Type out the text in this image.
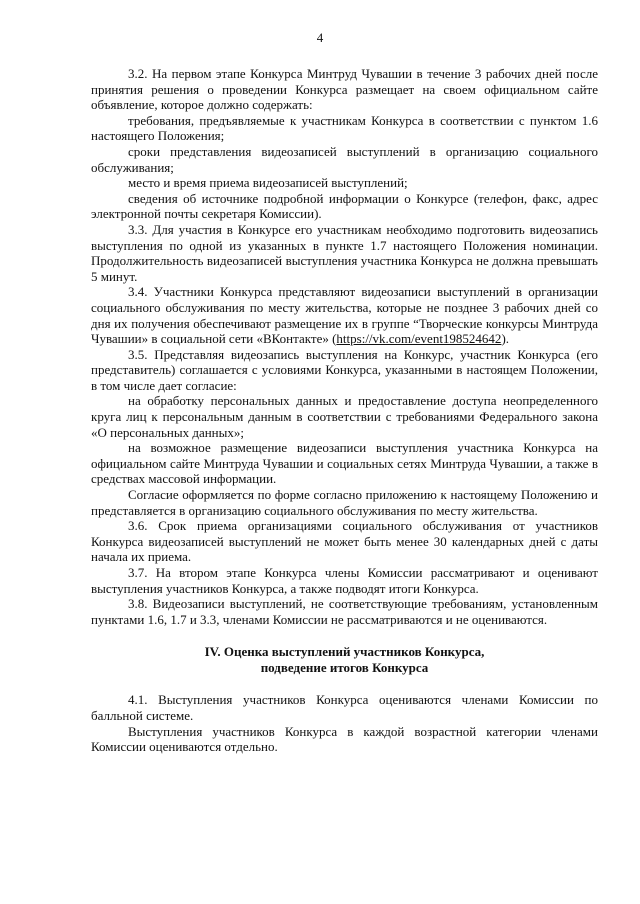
4

3.2. На первом этапе Конкурса Минтруд Чувашии в течение 3 рабочих дней после принятия решения о проведении Конкурса размещает на своем официальном сайте объявление, которое должно содержать:

требования, предъявляемые к участникам Конкурса в соответствии с пунктом 1.6 настоящего Положения;

сроки представления видеозаписей выступлений в организацию социального обслуживания;

место и время приема видеозаписей выступлений;

сведения об источнике подробной информации о Конкурсе (телефон, факс, адрес электронной почты секретаря Комиссии).

3.3. Для участия в Конкурсе его участникам необходимо подготовить видеозапись выступления по одной из указанных в пункте 1.7 настоящего Положения номинации. Продолжительность видеозаписей выступления участника Конкурса не должна превышать 5 минут.

3.4. Участники Конкурса представляют видеозаписи выступлений в организации социального обслуживания по месту жительства, которые не позднее 3 рабочих дней со дня их получения обеспечивают размещение их в группе “Творческие конкурсы Минтруда Чувашии» в социальной сети «ВКонтакте» (https://vk.com/event198524642).

3.5. Представляя видеозапись выступления на Конкурс, участник Конкурса (его представитель) соглашается с условиями Конкурса, указанными в настоящем Положении, в том числе дает согласие:

на обработку персональных данных и предоставление доступа неопределенного круга лиц к персональным данным в соответствии с требованиями Федерального закона «О персональных данных»;

на возможное размещение видеозаписи выступления участника Конкурса на официальном сайте Минтруда Чувашии и социальных сетях Минтруда Чувашии, а также в средствах массовой информации.

Согласие оформляется по форме согласно приложению к настоящему Положению и представляется в организацию социального обслуживания по месту жительства.

3.6. Срок приема организациями социального обслуживания от участников Конкурса видеозаписей выступлений не может быть менее 30 календарных дней с даты начала их приема.

3.7. На втором этапе Конкурса члены Комиссии рассматривают и оценивают выступления участников Конкурса, а также подводят итоги Конкурса.

3.8. Видеозаписи выступлений, не соответствующие требованиям, установленным пунктами 1.6, 1.7 и 3.3, членами Комиссии не рассматриваются и не оцениваются.

IV. Оценка выступлений участников Конкурса,
подведение итогов Конкурса

4.1. Выступления участников Конкурса оцениваются членами Комиссии по балльной системе.

Выступления участников Конкурса в каждой возрастной категории членами Комиссии оцениваются отдельно.
